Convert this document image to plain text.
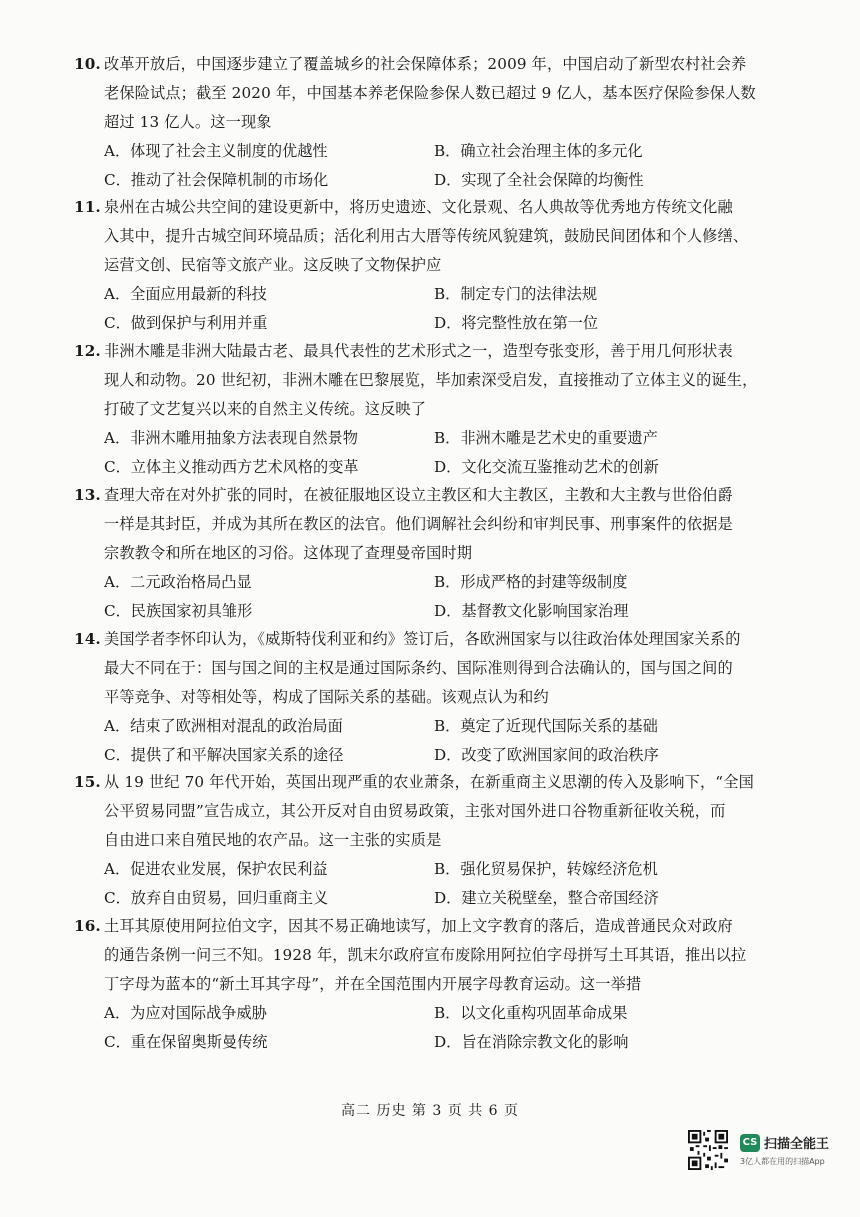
10. 改革开放后，中国逐步建立了覆盖城乡的社会保障体系；2009 年，中国启动了新型农村社会养
老保险试点；截至 2020 年，中国基本养老保险参保人数已超过 9 亿人，基本医疗保险参保人数
超过 13 亿人。这一现象

A．体现了社会主义制度的优越性	B．确立社会治理主体的多元化
C．推动了社会保障机制的市场化	D．实现了全社会保障的均衡性

11. 泉州在古城公共空间的建设更新中，将历史遗迹、文化景观、名人典故等优秀地方传统文化融
入其中，提升古城空间环境品质；活化利用古大厝等传统风貌建筑，鼓励民间团体和个人修缮、
运营文创、民宿等文旅产业。这反映了文物保护应

A．全面应用最新的科技	B．制定专门的法律法规
C．做到保护与利用并重	D．将完整性放在第一位

12. 非洲木雕是非洲大陆最古老、最具代表性的艺术形式之一，造型夸张变形，善于用几何形状表
现人和动物。20 世纪初，非洲木雕在巴黎展览，毕加索深受启发，直接推动了立体主义的诞生，
打破了文艺复兴以来的自然主义传统。这反映了

A．非洲木雕用抽象方法表现自然景物	B．非洲木雕是艺术史的重要遗产
C．立体主义推动西方艺术风格的变革	D．文化交流互鉴推动艺术的创新

13. 查理大帝在对外扩张的同时，在被征服地区设立主教区和大主教区，主教和大主教与世俗伯爵
一样是其封臣，并成为其所在教区的法官。他们调解社会纠纷和审判民事、刑事案件的依据是
宗教教令和所在地区的习俗。这体现了查理曼帝国时期

A．二元政治格局凸显	B．形成严格的封建等级制度
C．民族国家初具雏形	D．基督教文化影响国家治理

14. 美国学者李怀印认为，《威斯特伐利亚和约》签订后，各欧洲国家与以往政治体处理国家关系的
最大不同在于：国与国之间的主权是通过国际条约、国际准则得到合法确认的，国与国之间的
平等竞争、对等相处等，构成了国际关系的基础。该观点认为和约

A．结束了欧洲相对混乱的政治局面	B．奠定了近现代国际关系的基础
C．提供了和平解决国家关系的途径	D．改变了欧洲国家间的政治秩序

15. 从 19 世纪 70 年代开始，英国出现严重的农业萧条，在新重商主义思潮的传入及影响下，“全国
公平贸易同盟”宣告成立，其公开反对自由贸易政策，主张对国外进口谷物重新征收关税，而
自由进口来自殖民地的农产品。这一主张的实质是

A．促进农业发展，保护农民利益	B．强化贸易保护，转嫁经济危机
C．放弃自由贸易，回归重商主义	D．建立关税壁垒，整合帝国经济

16. 土耳其原使用阿拉伯文字，因其不易正确地读写，加上文字教育的落后，造成普通民众对政府
的通告条例一问三不知。1928 年，凯末尔政府宣布废除用阿拉伯字母拼写土耳其语，推出以拉
丁字母为蓝本的“新土耳其字母”，并在全国范围内开展字母教育运动。这一举措

A．为应对国际战争威胁	B．以文化重构巩固革命成果
C．重在保留奥斯曼传统	D．旨在消除宗教文化的影响
高二 历史 第 3 页 共 6 页
CS 扫描全能王
3亿人都在用的扫描App
